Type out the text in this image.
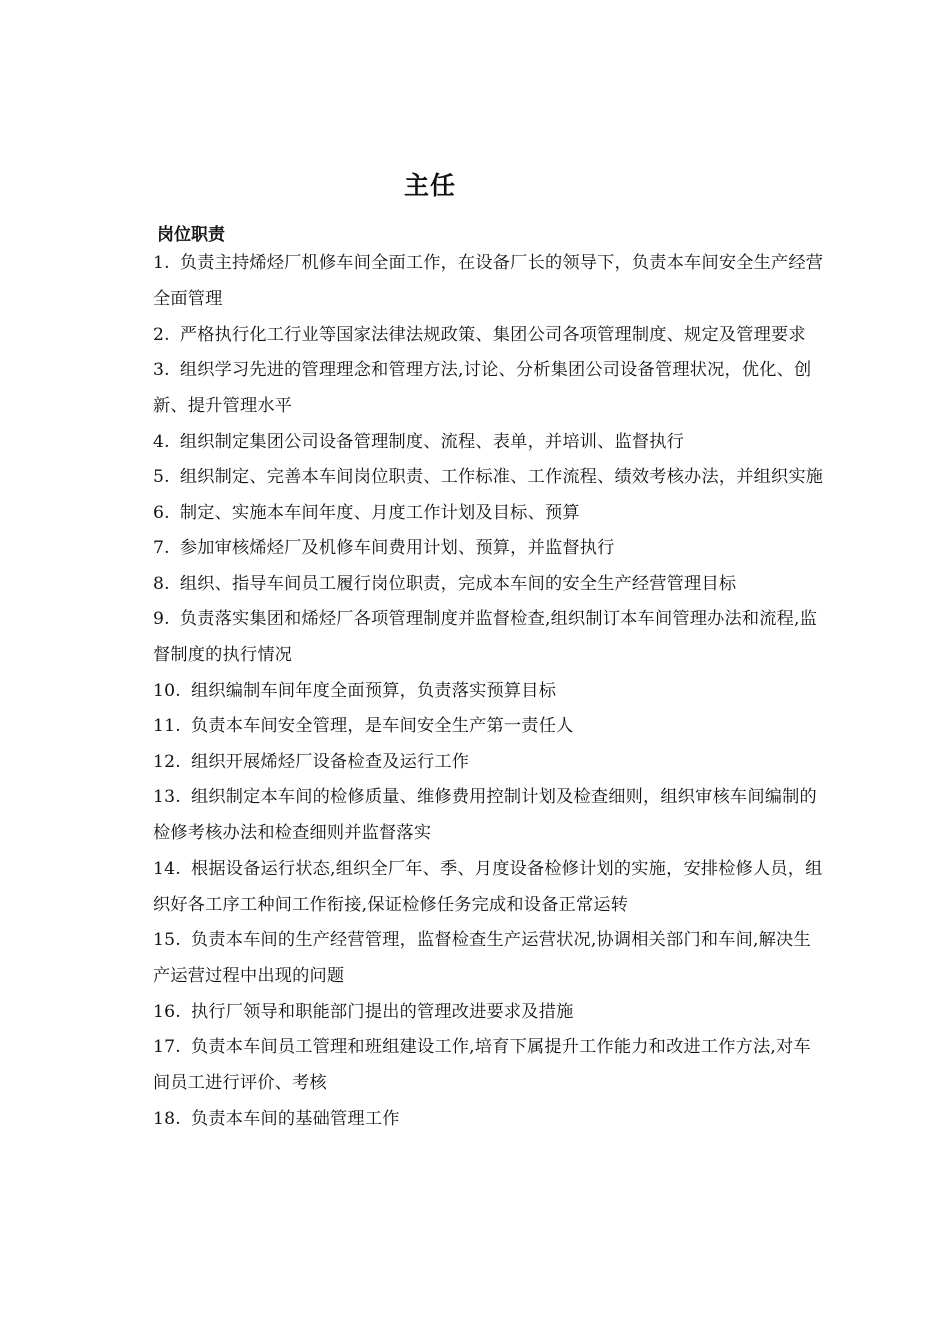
主任
岗位职责
1. 负责主持烯烃厂机修车间全面工作，在设备厂长的领导下，负责本车间安全生产经营全面管理
2. 严格执行化工行业等国家法律法规政策、集团公司各项管理制度、规定及管理要求
3. 组织学习先进的管理理念和管理方法,讨论、分析集团公司设备管理状况，优化、创新、提升管理水平
4. 组织制定集团公司设备管理制度、流程、表单，并培训、监督执行
5. 组织制定、完善本车间岗位职责、工作标准、工作流程、绩效考核办法，并组织实施
6. 制定、实施本车间年度、月度工作计划及目标、预算
7. 参加审核烯烃厂及机修车间费用计划、预算，并监督执行
8. 组织、指导车间员工履行岗位职责，完成本车间的安全生产经营管理目标
9. 负责落实集团和烯烃厂各项管理制度并监督检查,组织制订本车间管理办法和流程,监督制度的执行情况
10. 组织编制车间年度全面预算，负责落实预算目标
11. 负责本车间安全管理，是车间安全生产第一责任人
12. 组织开展烯烃厂设备检查及运行工作
13. 组织制定本车间的检修质量、维修费用控制计划及检查细则，组织审核车间编制的检修考核办法和检查细则并监督落实
14. 根据设备运行状态,组织全厂年、季、月度设备检修计划的实施，安排检修人员，组织好各工序工种间工作衔接,保证检修任务完成和设备正常运转
15. 负责本车间的生产经营管理，监督检查生产运营状况,协调相关部门和车间,解决生产运营过程中出现的问题
16. 执行厂领导和职能部门提出的管理改进要求及措施
17. 负责本车间员工管理和班组建设工作,培育下属提升工作能力和改进工作方法,对车间员工进行评价、考核
18. 负责本车间的基础管理工作
